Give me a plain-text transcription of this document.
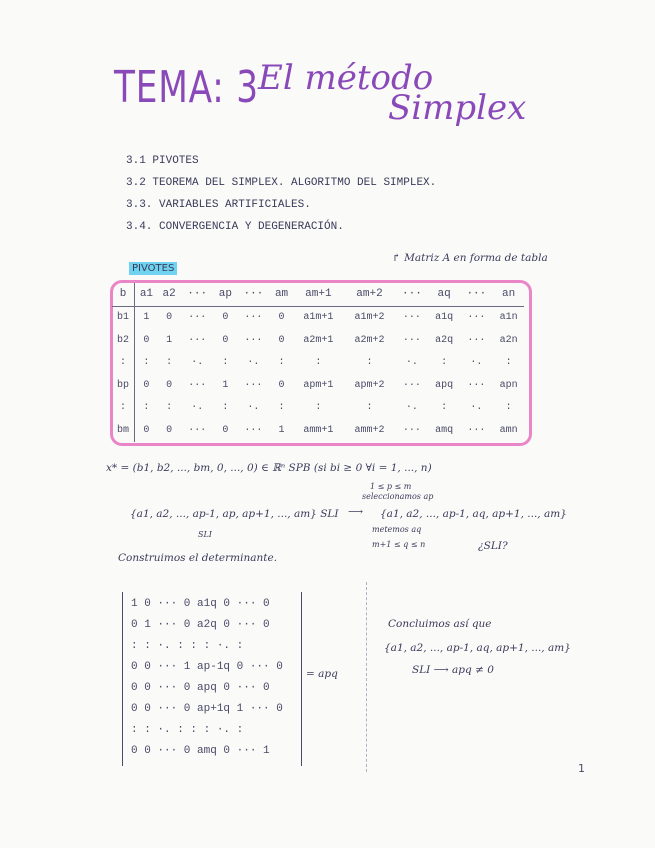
TEMA: 3 El método
Simplex
3.1 PIVOTES
3.2 TEOREMA DEL SIMPLEX. ALGORITMO DEL SIMPLEX.
3.3. VARIABLES ARTIFICIALES.
3.4. CONVERGENCIA Y DEGENERACIÓN.
PIVOTES
↱ Matriz A en forma de tabla
b	a1	a2	···	ap	···	am	am+1	am+2	···	aq	···	an
b1	1	0	···	0	···	0	a1m+1	a1m+2	···	a1q	···	a1n
b2	0	1	···	0	···	0	a2m+1	a2m+2	···	a2q	···	a2n
:	:	:	·.	:	·.	:	:	:	·.	:	·.	:
bp	0	0	···	1	···	0	apm+1	apm+2	···	apq	···	apn
:	:	:	·.	:	·.	:	:	:	·.	:	·.	:
bm	0	0	···	0	···	1	amm+1	amm+2	···	amq	···	amn
x* = (b1, b2, ..., bm, 0, ..., 0) ∈ ℝⁿ SPB (si bi ≥ 0 ∀i = 1, ..., n)
1 ≤ p ≤ m
seleccionamos ap
{a1, a2, ..., ap-1, ap, ap+1, ..., am} SLI ⟶ {a1, a2, ..., ap-1, aq, ap+1, ..., am}
SLI
metemos aq
m+1 ≤ q ≤ n	¿SLI?
Construimos el determinante.
1 0 ··· 0 a1q 0 ··· 0
0 1 ··· 0 a2q 0 ··· 0
: : ·. : : : ·. :
0 0 ··· 1 ap-1q 0 ··· 0
0 0 ··· 0 apq 0 ··· 0
0 0 ··· 0 ap+1q 1 ··· 0
: : ·. : : : ·. :
0 0 ··· 0 amq 0 ··· 1
= apq
Concluimos así que
{a1, a2, ..., ap-1, aq, ap+1, ..., am}
SLI ⟶ apq ≠ 0
1
